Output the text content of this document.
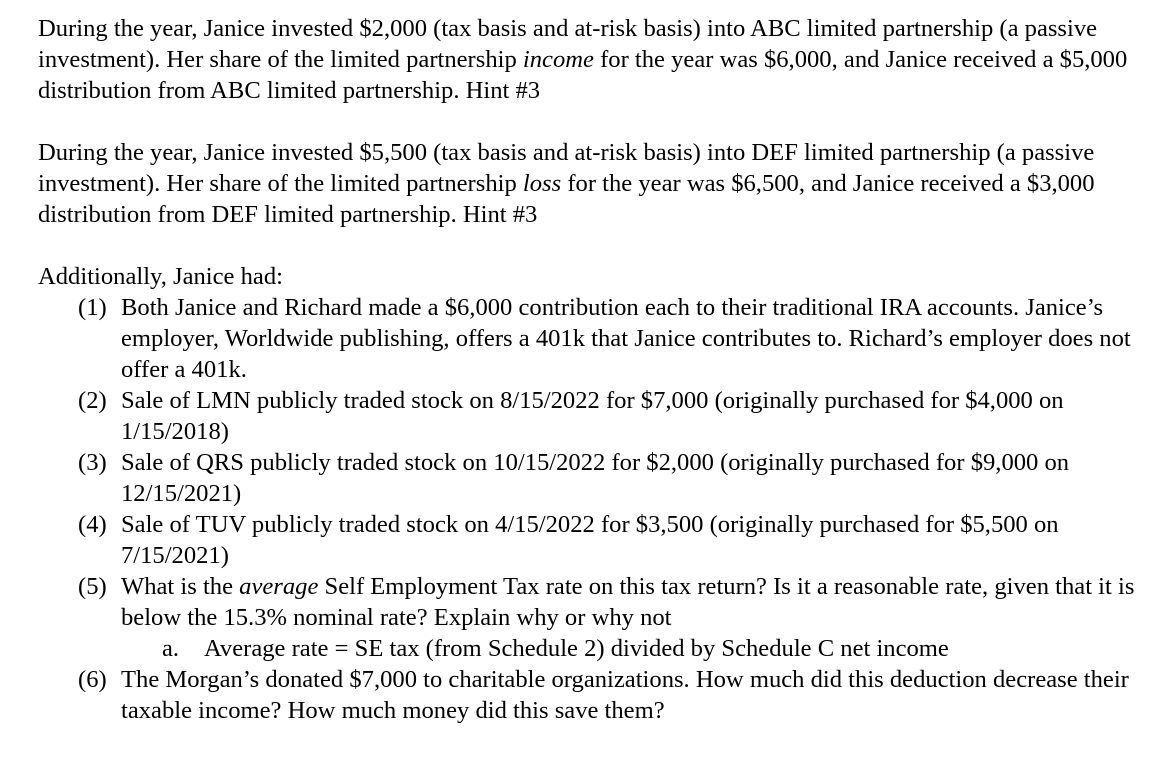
During the year, Janice invested $2,000 (tax basis and at-risk basis) into ABC limited partnership (a passive investment). Her share of the limited partnership income for the year was $6,000, and Janice received a $5,000 distribution from ABC limited partnership. Hint #3

During the year, Janice invested $5,500 (tax basis and at-risk basis) into DEF limited partnership (a passive investment). Her share of the limited partnership loss for the year was $6,500, and Janice received a $3,000 distribution from DEF limited partnership. Hint #3

Additionally, Janice had:

(1) Both Janice and Richard made a $6,000 contribution each to their traditional IRA accounts. Janice’s employer, Worldwide publishing, offers a 401k that Janice contributes to. Richard’s employer does not offer a 401k.
(2) Sale of LMN publicly traded stock on 8/15/2022 for $7,000 (originally purchased for $4,000 on 1/15/2018)
(3) Sale of QRS publicly traded stock on 10/15/2022 for $2,000 (originally purchased for $9,000 on 12/15/2021)
(4) Sale of TUV publicly traded stock on 4/15/2022 for $3,500 (originally purchased for $5,500 on 7/15/2021)
(5) What is the average Self Employment Tax rate on this tax return? Is it a reasonable rate, given that it is below the 15.3% nominal rate? Explain why or why not
a. Average rate = SE tax (from Schedule 2) divided by Schedule C net income
(6) The Morgan’s donated $7,000 to charitable organizations. How much did this deduction decrease their taxable income? How much money did this save them?
